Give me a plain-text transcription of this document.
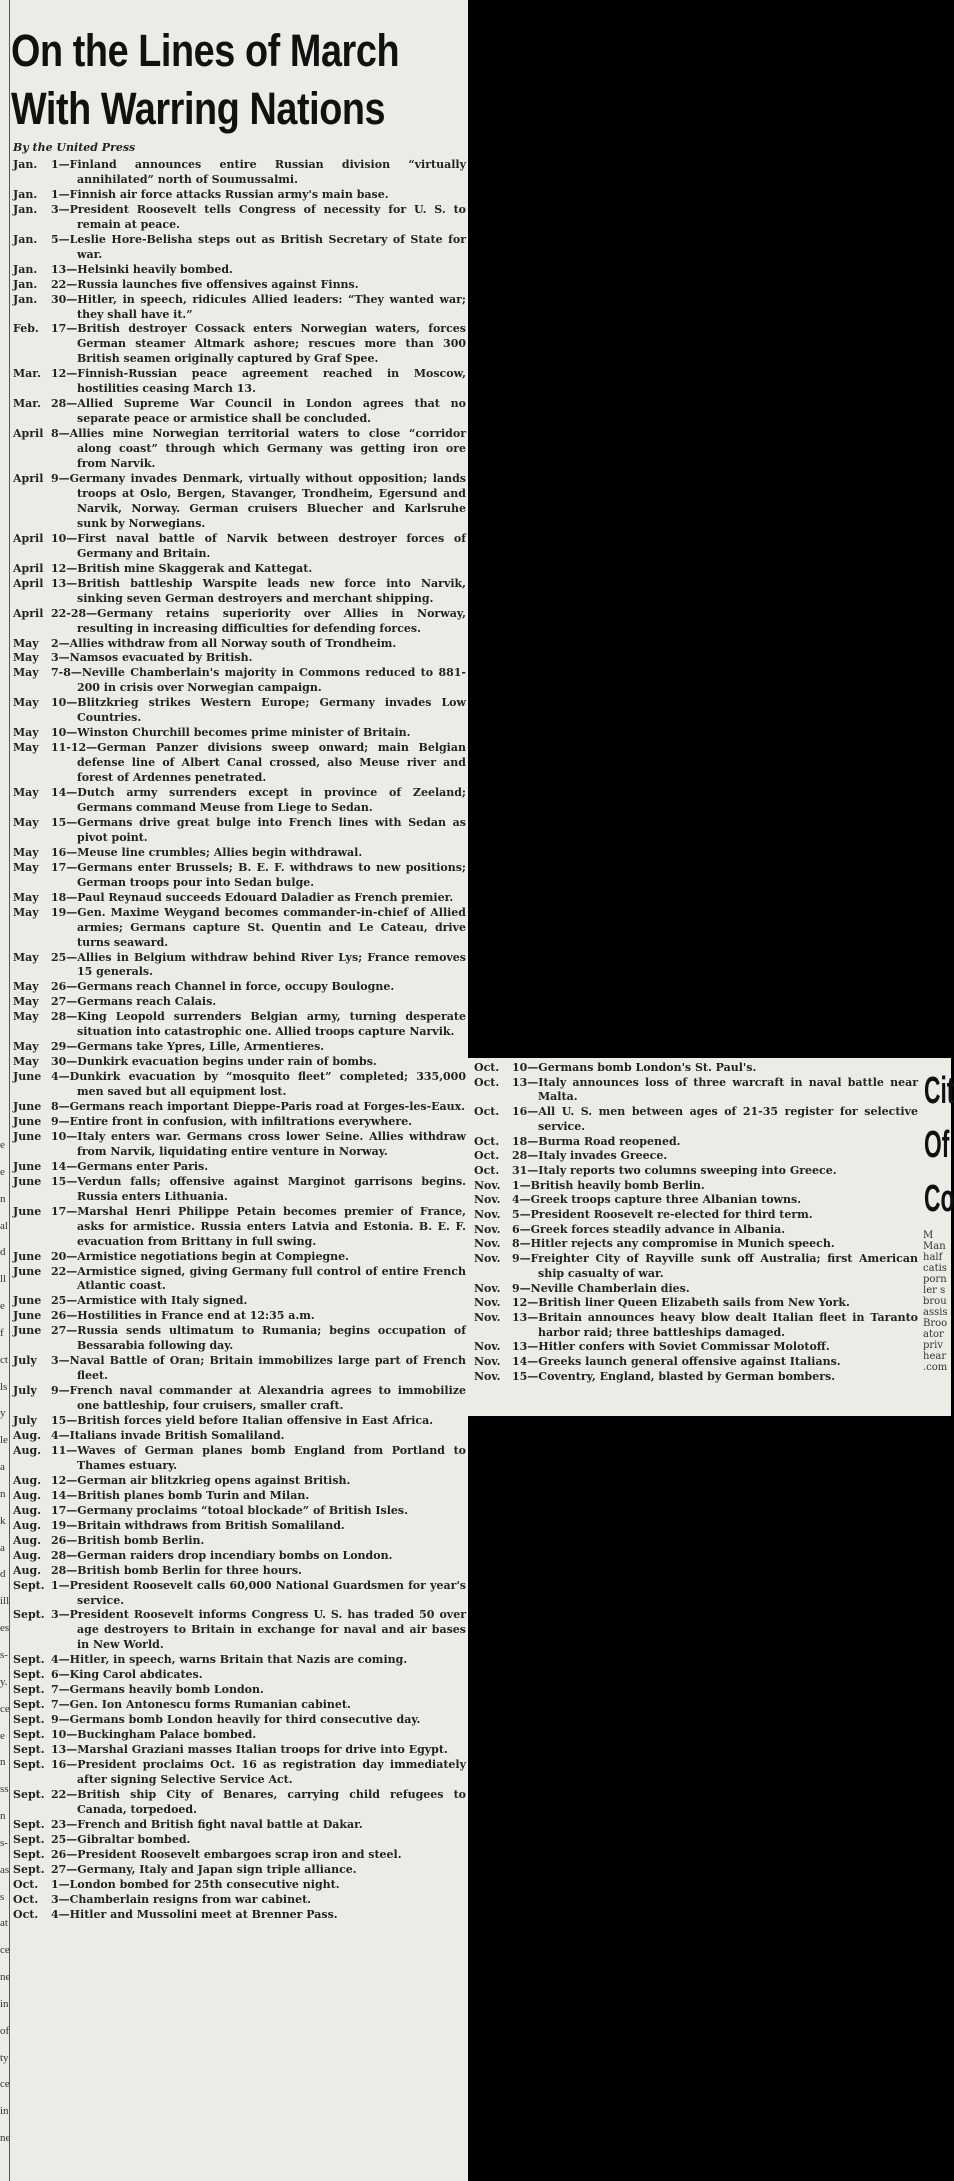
e
e
n
al
d
ll
e
f
ct
ls
y
le
a
n
k
a
d
ill
es
s-
y.
ce
e
n
ss
n
s-
as
s
at
ce
ne
in
of
ty
ce
in
ne
On the Lines of March
With Warring Nations
By the United Press
Jan.	1—Finland announces entire Russian division “virtually annihilated” north of Soumussalmi.
Jan.	1—Finnish air force attacks Russian army's main base.
Jan.	3—President Roosevelt tells Congress of necessity for U. S. to remain at peace.
Jan.	5—Leslie Hore-Belisha steps out as British Secretary of State for war.
Jan.	13—Helsinki heavily bombed.
Jan.	22—Russia launches five offensives against Finns.
Jan.	30—Hitler, in speech, ridicules Allied leaders: “They wanted war; they shall have it.”
Feb.	17—British destroyer Cossack enters Norwegian waters, forces German steamer Altmark ashore; rescues more than 300 British seamen originally captured by Graf Spee.
Mar. 12—Finnish-Russian peace agreement reached in Moscow, hostilities ceasing March 13.
Mar. 28—Allied Supreme War Council in London agrees that no separate peace or armistice shall be concluded.
April 8—Allies mine Norwegian territorial waters to close “corridor along coast” through which Germany was getting iron ore from Narvik.
April 9—Germany invades Denmark, virtually without opposition; lands troops at Oslo, Bergen, Stavanger, Trondheim, Egersund and Narvik, Norway. German cruisers Bluecher and Karlsruhe sunk by Norwegians.
April 10—First naval battle of Narvik between destroyer forces of Germany and Britain.
April 12—British mine Skaggerak and Kattegat.
April 13—British battleship Warspite leads new force into Narvik, sinking seven German destroyers and merchant shipping.
April 22-28—Germany retains superiority over Allies in Norway, resulting in increasing difficulties for defending forces.
May	2—Allies withdraw from all Norway south of Trondheim.
May	3—Namsos evacuated by British.
May	7-8—Neville Chamberlain's majority in Commons reduced to 881-200 in crisis over Norwegian campaign.
May	10—Blitzkrieg strikes Western Europe; Germany invades Low Countries.
May	10—Winston Churchill becomes prime minister of Britain.
May	11-12—German Panzer divisions sweep onward; main Belgian defense line of Albert Canal crossed, also Meuse river and forest of Ardennes penetrated.
May	14—Dutch army surrenders except in province of Zeeland; Germans command Meuse from Liege to Sedan.
May	15—Germans drive great bulge into French lines with Sedan as pivot point.
May	16—Meuse line crumbles; Allies begin withdrawal.
May	17—Germans enter Brussels; B. E. F. withdraws to new positions; German troops pour into Sedan bulge.
May	18—Paul Reynaud succeeds Edouard Daladier as French premier.
May	19—Gen. Maxime Weygand becomes commander-in-chief of Allied armies; Germans capture St. Quentin and Le Cateau, drive turns seaward.
May	25—Allies in Belgium withdraw behind River Lys; France removes 15 generals.
May	26—Germans reach Channel in force, occupy Boulogne.
May	27—Germans reach Calais.
May	28—King Leopold surrenders Belgian army, turning desperate situation into catastrophic one. Allied troops capture Narvik.
May	29—Germans take Ypres, Lille, Armentieres.
May	30—Dunkirk evacuation begins under rain of bombs.
June 4—Dunkirk evacuation by “mosquito fleet” completed; 335,000 men saved but all equipment lost.
June 8—Germans reach important Dieppe-Paris road at Forges-les-Eaux.
June 9—Entire front in confusion, with infiltrations everywhere.
June 10—Italy enters war. Germans cross lower Seine. Allies withdraw from Narvik, liquidating entire venture in Norway.
June 14—Germans enter Paris.
June 15—Verdun falls; offensive against Marginot garrisons begins. Russia enters Lithuania.
June 17—Marshal Henri Philippe Petain becomes premier of France, asks for armistice. Russia enters Latvia and Estonia. B. E. F. evacuation from Brittany in full swing.
June 20—Armistice negotiations begin at Compiegne.
June 22—Armistice signed, giving Germany full control of entire French Atlantic coast.
June 25—Armistice with Italy signed.
June 26—Hostilities in France end at 12:35 a.m.
June 27—Russia sends ultimatum to Rumania; begins occupation of Bessarabia following day.
July	3—Naval Battle of Oran; Britain immobilizes large part of French fleet.
July	9—French naval commander at Alexandria agrees to immobilize one battleship, four cruisers, smaller craft.
July	15—British forces yield before Italian offensive in East Africa.
Aug. 4—Italians invade British Somaliland.
Aug. 11—Waves of German planes bomb England from Portland to Thames estuary.
Aug. 12—German air blitzkrieg opens against British.
Aug. 14—British planes bomb Turin and Milan.
Aug. 17—Germany proclaims “totoal blockade” of British Isles.
Aug. 19—Britain withdraws from British Somaliland.
Aug. 26—British bomb Berlin.
Aug. 28—German raiders drop incendiary bombs on London.
Aug. 28—British bomb Berlin for three hours.
Sept. 1—President Roosevelt calls 60,000 National Guardsmen for year's service.
Sept. 3—President Roosevelt informs Congress U. S. has traded 50 over age destroyers to Britain in exchange for naval and air bases in New World.
Sept. 4—Hitler, in speech, warns Britain that Nazis are coming.
Sept. 6—King Carol abdicates.
Sept. 7—Germans heavily bomb London.
Sept. 7—Gen. Ion Antonescu forms Rumanian cabinet.
Sept. 9—Germans bomb London heavily for third consecutive day.
Sept. 10—Buckingham Palace bombed.
Sept. 13—Marshal Graziani masses Italian troops for drive into Egypt.
Sept. 16—President proclaims Oct. 16 as registration day immediately after signing Selective Service Act.
Sept. 22—British ship City of Benares, carrying child refugees to Canada, torpedoed.
Sept. 23—French and British fight naval battle at Dakar.
Sept. 25—Gibraltar bombed.
Sept. 26—President Roosevelt embargoes scrap iron and steel.
Sept. 27—Germany, Italy and Japan sign triple alliance.
Oct.	1—London bombed for 25th consecutive night.
Oct.	3—Chamberlain resigns from war cabinet.
Oct.	4—Hitler and Mussolini meet at Brenner Pass.
Oct.	10—Germans bomb London's St. Paul's.
Oct.	13—Italy announces loss of three warcraft in naval battle near Malta.
Oct.	16—All U. S. men between ages of 21-35 register for selective service.
Oct.	18—Burma Road reopened.
Oct.	28—Italy invades Greece.
Oct.	31—Italy reports two columns sweeping into Greece.
Nov.	1—British heavily bomb Berlin.
Nov.	4—Greek troops capture three Albanian towns.
Nov.	5—President Roosevelt re-elected for third term.
Nov.	6—Greek forces steadily advance in Albania.
Nov.	8—Hitler rejects any compromise in Munich speech.
Nov.	9—Freighter City of Rayville sunk off Australia; first American ship casualty of war.
Nov.	9—Neville Chamberlain dies.
Nov.	12—British liner Queen Elizabeth sails from New York.
Nov.	13—Britain announces heavy blow dealt Italian fleet in Taranto harbor raid; three battleships damaged.
Nov.	13—Hitler confers with Soviet Commissar Molotoff.
Nov.	14—Greeks launch general offensive against Italians.
Nov.	15—Coventry, England, blasted by German bombers.
Cit
Of
Co
M
Man
half
catis
porn
ler s
brou
assis
Broo
ator
priv
hear
.com
